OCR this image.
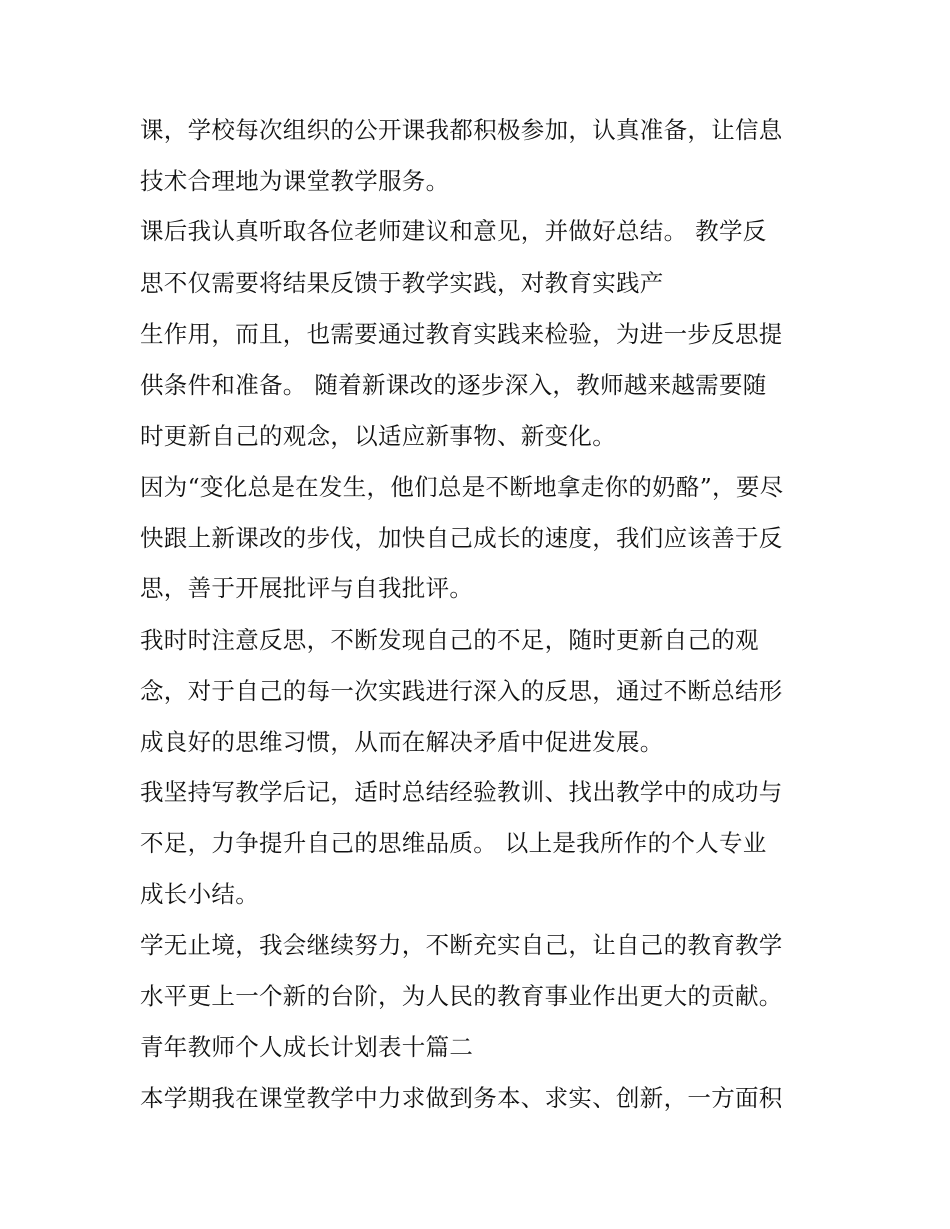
课，学校每次组织的公开课我都积极参加，认真准备，让信息
技术合理地为课堂教学服务。
课后我认真听取各位老师建议和意见，并做好总结。 教学反
思不仅需要将结果反馈于教学实践，对教育实践产
生作用，而且，也需要通过教育实践来检验，为进一步反思提
供条件和准备。 随着新课改的逐步深入，教师越来越需要随
时更新自己的观念，以适应新事物、新变化。
因为“变化总是在发生，他们总是不断地拿走你的奶酪”，要尽
快跟上新课改的步伐，加快自己成长的速度，我们应该善于反
思，善于开展批评与自我批评。
我时时注意反思，不断发现自己的不足，随时更新自己的观
念，对于自己的每一次实践进行深入的反思，通过不断总结形
成良好的思维习惯，从而在解决矛盾中促进发展。
我坚持写教学后记，适时总结经验教训、找出教学中的成功与
不足，力争提升自己的思维品质。 以上是我所作的个人专业
成长小结。
学无止境，我会继续努力，不断充实自己，让自己的教育教学
水平更上一个新的台阶，为人民的教育事业作出更大的贡献。
青年教师个人成长计划表十篇二
本学期我在课堂教学中力求做到务本、求实、创新，一方面积
